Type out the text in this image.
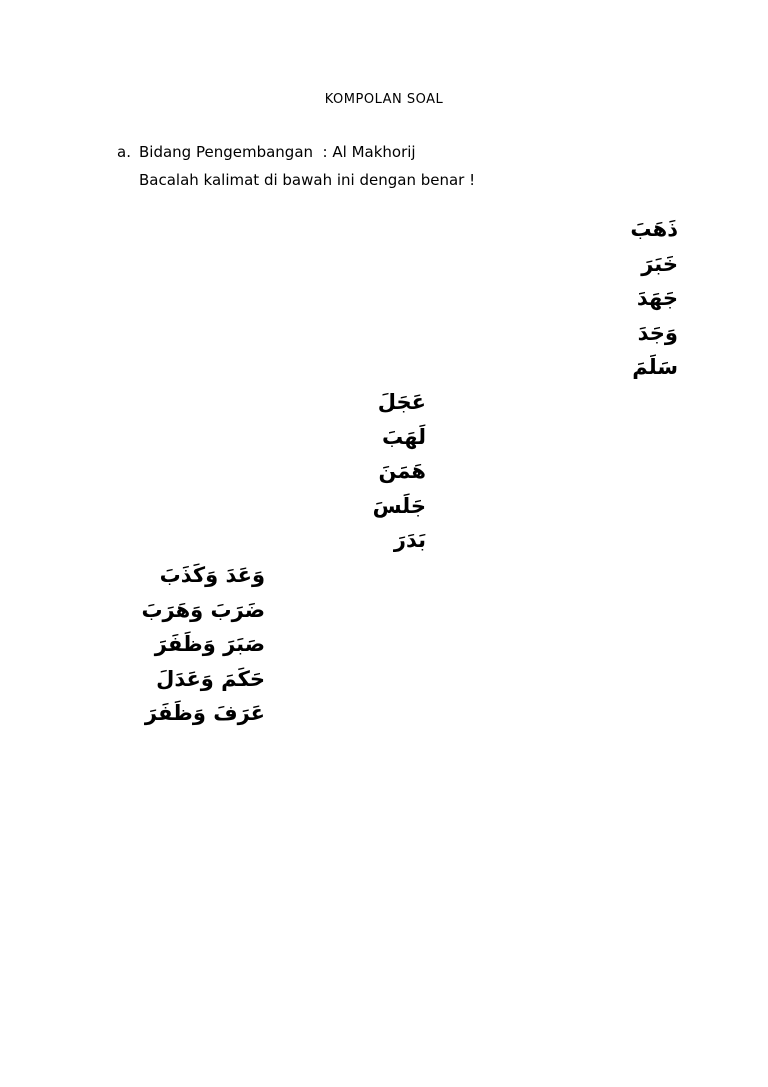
KOMPOLAN SOAL
a. Bidang Pengembangan  : Al Makhorij
Bacalah kalimat di bawah ini dengan benar !
ذَهَبَ
خَبَرَ
جَهَدَ
وَجَدَ
سَلَمَ
عَجَلَ
لَهَبَ
هَمَنَ
جَلَسَ
بَدَرَ
وَعَدَ وَكَذَبَ
ضَرَبَ وَهَرَبَ
صَبَرَ وَظَفَرَ
حَكَمَ وَعَدَلَ
عَرَفَ وَظَفَرَ
